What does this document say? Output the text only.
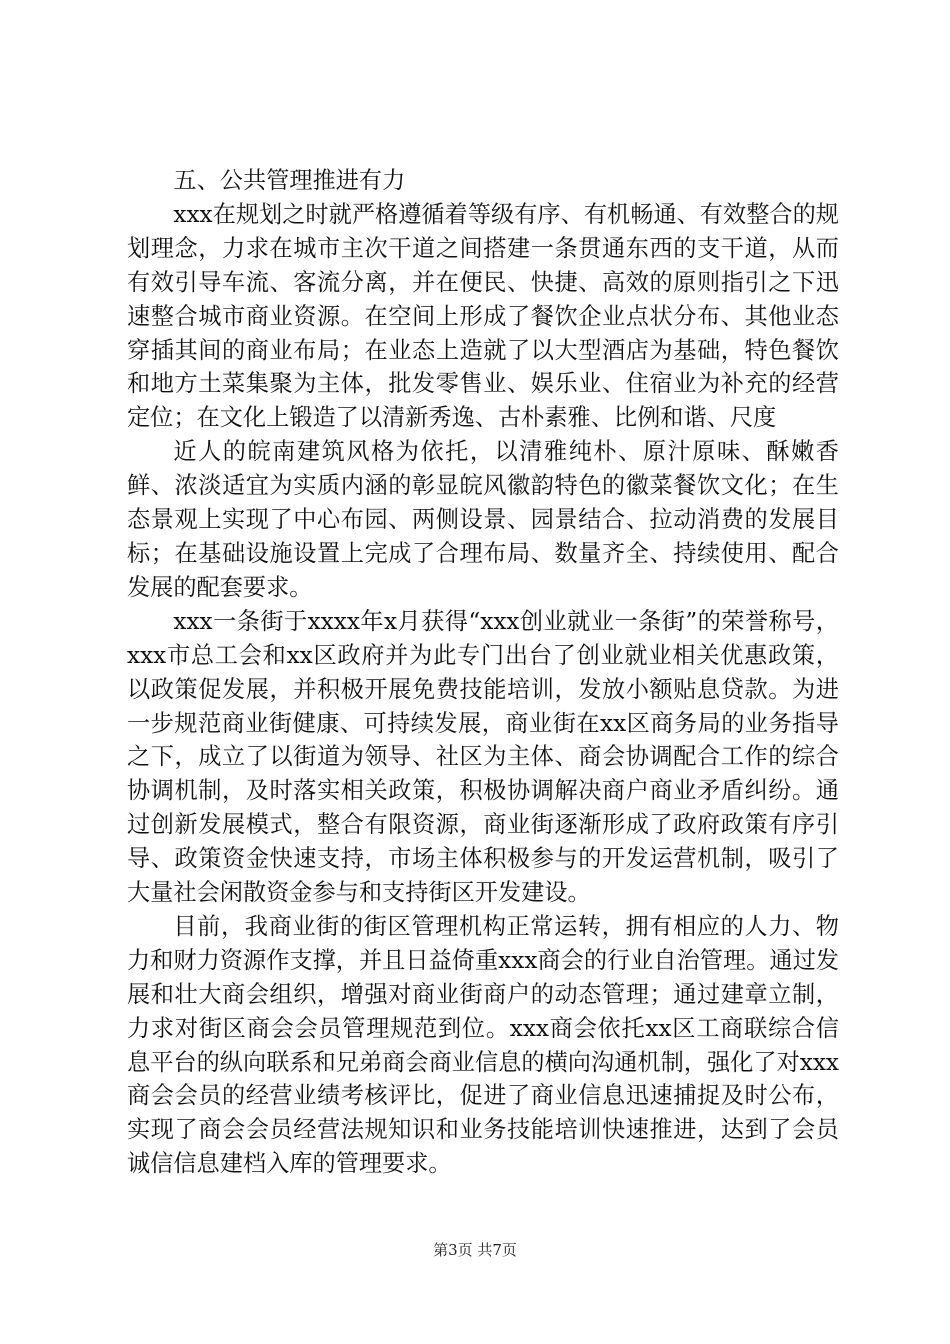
五、公共管理推进有力

xxx在规划之时就严格遵循着等级有序、有机畅通、有效整合的规划理念，力求在城市主次干道之间搭建一条贯通东西的支干道，从而有效引导车流、客流分离，并在便民、快捷、高效的原则指引之下迅速整合城市商业资源。在空间上形成了餐饮企业点状分布、其他业态穿插其间的商业布局；在业态上造就了以大型酒店为基础，特色餐饮和地方土菜集聚为主体，批发零售业、娱乐业、住宿业为补充的经营定位；在文化上锻造了以清新秀逸、古朴素雅、比例和谐、尺度

近人的皖南建筑风格为依托，以清雅纯朴、原汁原味、酥嫩香鲜、浓淡适宜为实质内涵的彰显皖风徽韵特色的徽菜餐饮文化；在生态景观上实现了中心布园、两侧设景、园景结合、拉动消费的发展目标；在基础设施设置上完成了合理布局、数量齐全、持续使用、配合发展的配套要求。

xxx一条街于xxxx年x月获得“xxx创业就业一条街”的荣誉称号，xxx市总工会和xx区政府并为此专门出台了创业就业相关优惠政策，以政策促发展，并积极开展免费技能培训，发放小额贴息贷款。为进一步规范商业街健康、可持续发展，商业街在xx区商务局的业务指导之下，成立了以街道为领导、社区为主体、商会协调配合工作的综合协调机制，及时落实相关政策，积极协调解决商户商业矛盾纠纷。通过创新发展模式，整合有限资源，商业街逐渐形成了政府政策有序引导、政策资金快速支持，市场主体积极参与的开发运营机制，吸引了大量社会闲散资金参与和支持街区开发建设。

目前，我商业街的街区管理机构正常运转，拥有相应的人力、物力和财力资源作支撑，并且日益倚重xxx商会的行业自治管理。通过发展和壮大商会组织，增强对商业街商户的动态管理；通过建章立制，力求对街区商会会员管理规范到位。xxx商会依托xx区工商联综合信息平台的纵向联系和兄弟商会商业信息的横向沟通机制，强化了对xxx商会会员的经营业绩考核评比，促进了商业信息迅速捕捉及时公布，实现了商会会员经营法规知识和业务技能培训快速推进，达到了会员诚信信息建档入库的管理要求。

第3页 共7页
